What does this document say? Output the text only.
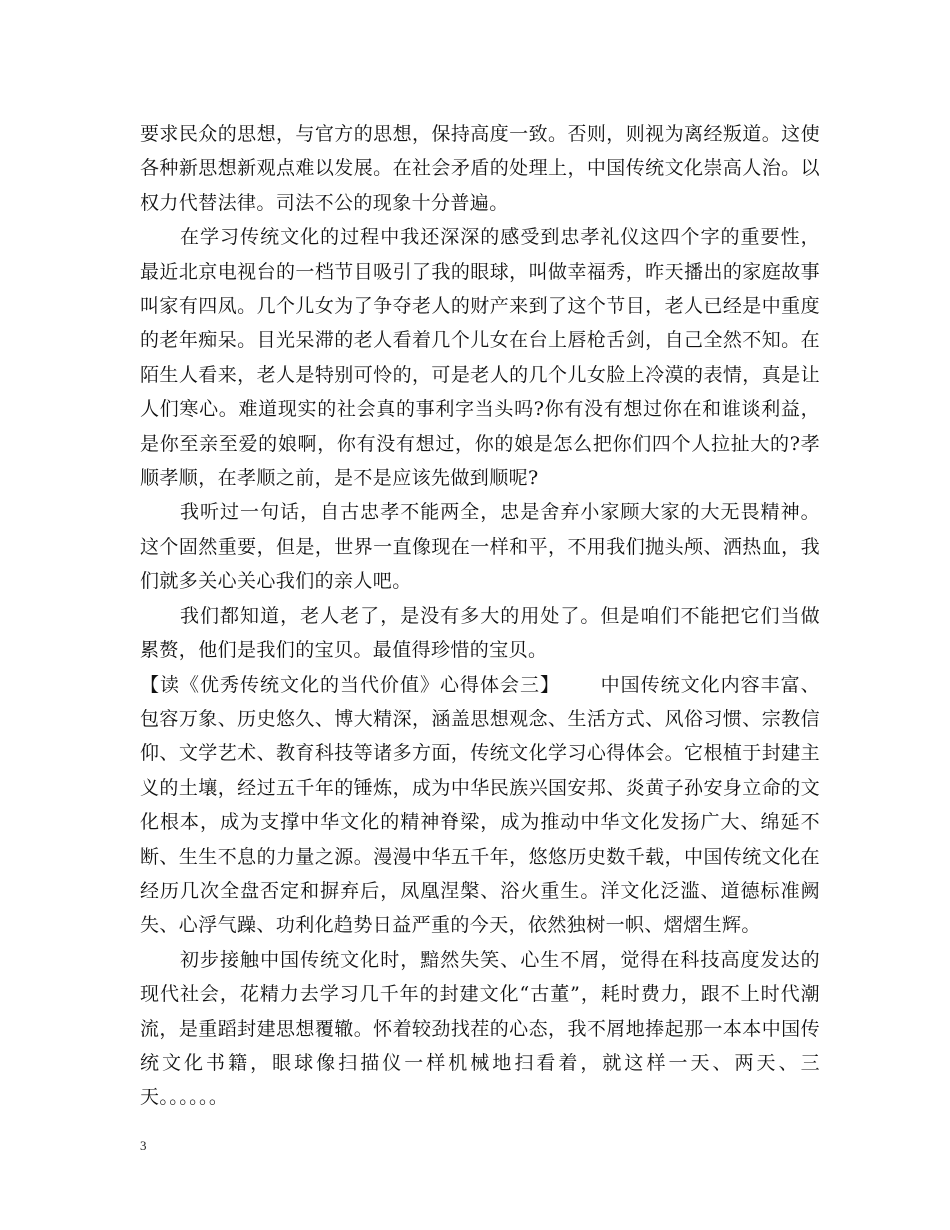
要求民众的思想，与官方的思想，保持高度一致。否则，则视为离经叛道。这使各种新思想新观点难以发展。在社会矛盾的处理上，中国传统文化崇高人治。以权力代替法律。司法不公的现象十分普遍。

在学习传统文化的过程中我还深深的感受到忠孝礼仪这四个字的重要性，最近北京电视台的一档节目吸引了我的眼球，叫做幸福秀，昨天播出的家庭故事叫家有四凤。几个儿女为了争夺老人的财产来到了这个节目，老人已经是中重度的老年痴呆。目光呆滞的老人看着几个儿女在台上唇枪舌剑，自己全然不知。在陌生人看来，老人是特别可怜的，可是老人的几个儿女脸上冷漠的表情，真是让人们寒心。难道现实的社会真的事利字当头吗?你有没有想过你在和谁谈利益，是你至亲至爱的娘啊，你有没有想过，你的娘是怎么把你们四个人拉扯大的?孝顺孝顺，在孝顺之前，是不是应该先做到顺呢?

我听过一句话，自古忠孝不能两全，忠是舍弃小家顾大家的大无畏精神。这个固然重要，但是，世界一直像现在一样和平，不用我们抛头颅、洒热血，我们就多关心关心我们的亲人吧。

我们都知道，老人老了，是没有多大的用处了。但是咱们不能把它们当做累赘，他们是我们的宝贝。最值得珍惜的宝贝。

【读《优秀传统文化的当代价值》心得体会三】 中国传统文化内容丰富、包容万象、历史悠久、博大精深，涵盖思想观念、生活方式、风俗习惯、宗教信仰、文学艺术、教育科技等诸多方面，传统文化学习心得体会。它根植于封建主义的土壤，经过五千年的锤炼，成为中华民族兴国安邦、炎黄子孙安身立命的文化根本，成为支撑中华文化的精神脊梁，成为推动中华文化发扬广大、绵延不断、生生不息的力量之源。漫漫中华五千年，悠悠历史数千载，中国传统文化在经历几次全盘否定和摒弃后，凤凰涅槃、浴火重生。洋文化泛滥、道德标准阙失、心浮气躁、功利化趋势日益严重的今天，依然独树一帜、熠熠生辉。

初步接触中国传统文化时，黯然失笑、心生不屑，觉得在科技高度发达的现代社会，花精力去学习几千年的封建文化“古董”，耗时费力，跟不上时代潮流，是重蹈封建思想覆辙。怀着较劲找茬的心态，我不屑地捧起那一本本中国传统文化书籍，眼球像扫描仪一样机械地扫看着，就这样一天、两天、三天。。。。。。

3
